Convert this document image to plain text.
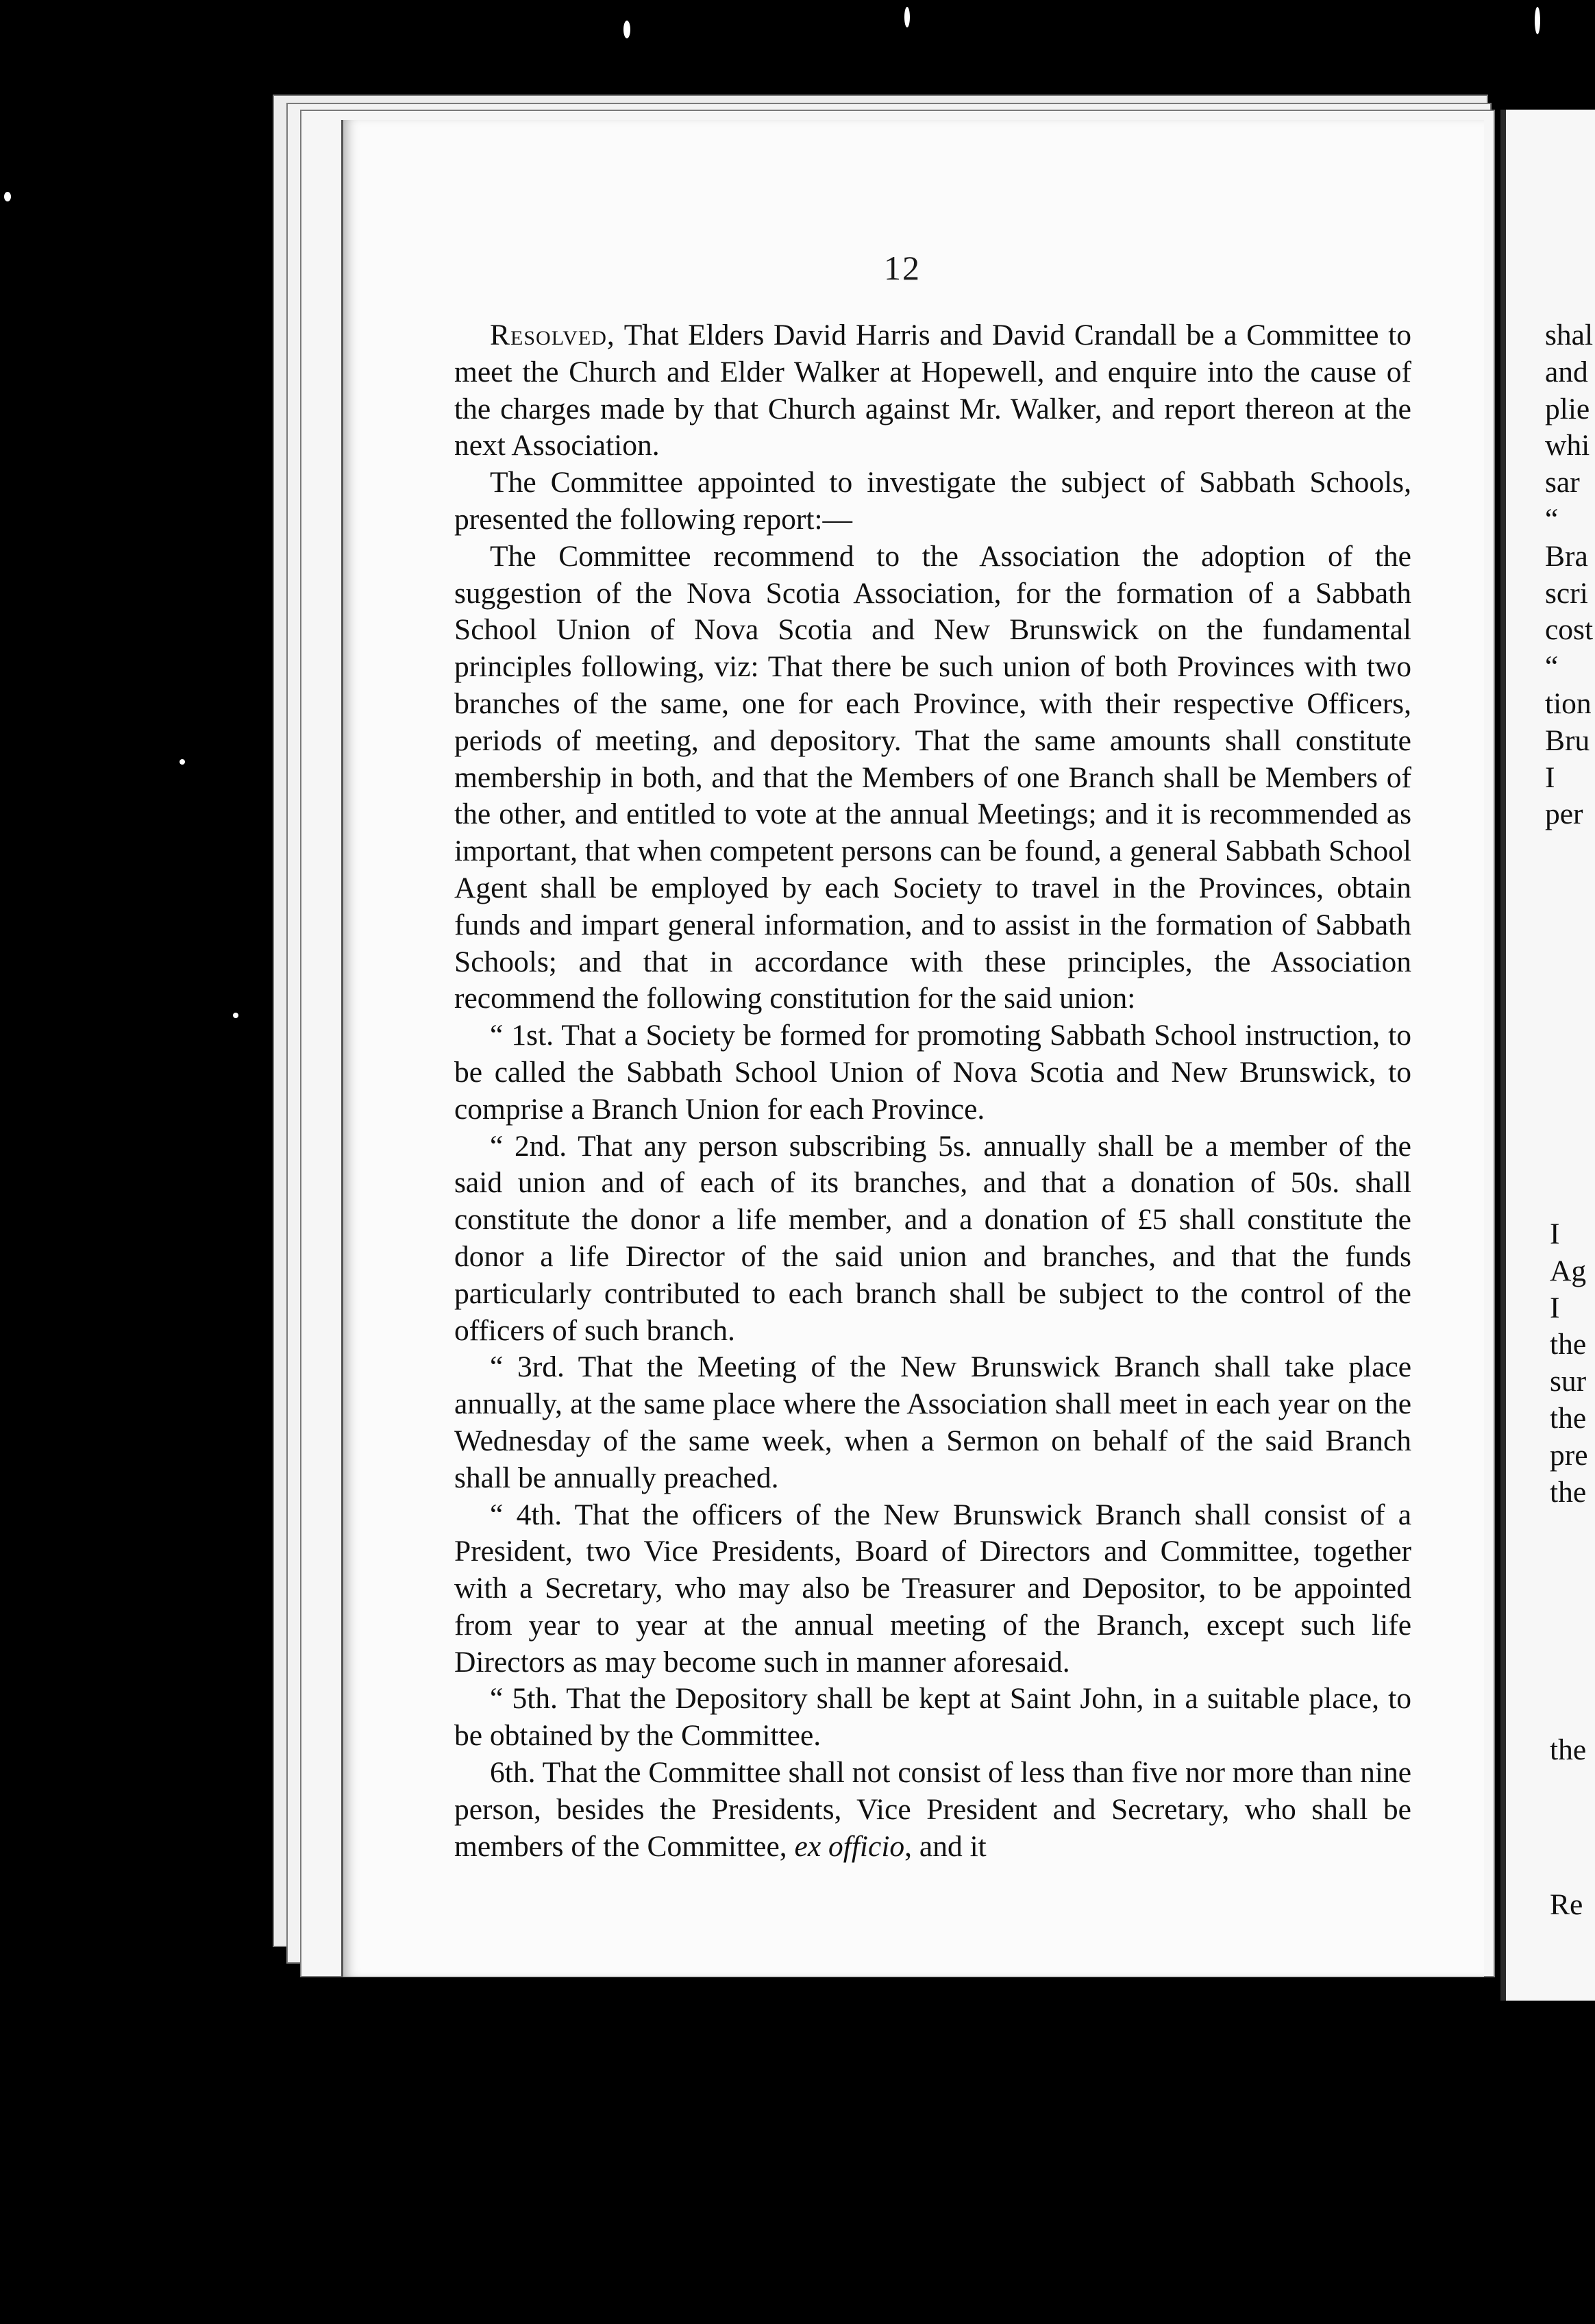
12

Resolved, That Elders David Harris and David Crandall be a Committee to meet the Church and Elder Walker at Hopewell, and enquire into the cause of the charges made by that Church against Mr. Walker, and report thereon at the next Association.

The Committee appointed to investigate the subject of Sabbath Schools, presented the following report:—

The Committee recommend to the Association the adoption of the suggestion of the Nova Scotia Association, for the formation of a Sabbath School Union of Nova Scotia and New Brunswick on the fundamental principles following, viz: That there be such union of both Provinces with two branches of the same, one for each Province, with their respective Officers, periods of meeting, and depository. That the same amounts shall constitute membership in both, and that the Members of one Branch shall be Members of the other, and entitled to vote at the annual Meetings; and it is recommended as important, that when competent persons can be found, a general Sabbath School Agent shall be employed by each Society to travel in the Provinces, obtain funds and impart general information, and to assist in the formation of Sabbath Schools; and that in accordance with these principles, the Association recommend the following constitution for the said union:

“ 1st. That a Society be formed for promoting Sabbath School instruction, to be called the Sabbath School Union of Nova Scotia and New Brunswick, to comprise a Branch Union for each Province.

“ 2nd. That any person subscribing 5s. annually shall be a member of the said union and of each of its branches, and that a donation of 50s. shall constitute the donor a life member, and a donation of £5 shall constitute the donor a life Director of the said union and branches, and that the funds particularly contributed to each branch shall be subject to the control of the officers of such branch.

“ 3rd. That the Meeting of the New Brunswick Branch shall take place annually, at the same place where the Association shall meet in each year on the Wednesday of the same week, when a Sermon on behalf of the said Branch shall be annually preached.

“ 4th. That the officers of the New Brunswick Branch shall consist of a President, two Vice Presidents, Board of Directors and Committee, together with a Secretary, who may also be Treasurer and Depositor, to be appointed from year to year at the annual meeting of the Branch, except such life Directors as may become such in manner aforesaid.

“ 5th. That the Depository shall be kept at Saint John, in a suitable place, to be obtained by the Committee.

6th. That the Committee shall not consist of less than five nor more than nine person, besides the Presidents, Vice President and Secretary, who shall be members of the Committee, ex officio, and it

shal
and
plie
whi
sar
“
Bra
scri
cost
“
tion
Bru
I
per
I
Ag
I
the
sur
the
pre
the
the
Re
